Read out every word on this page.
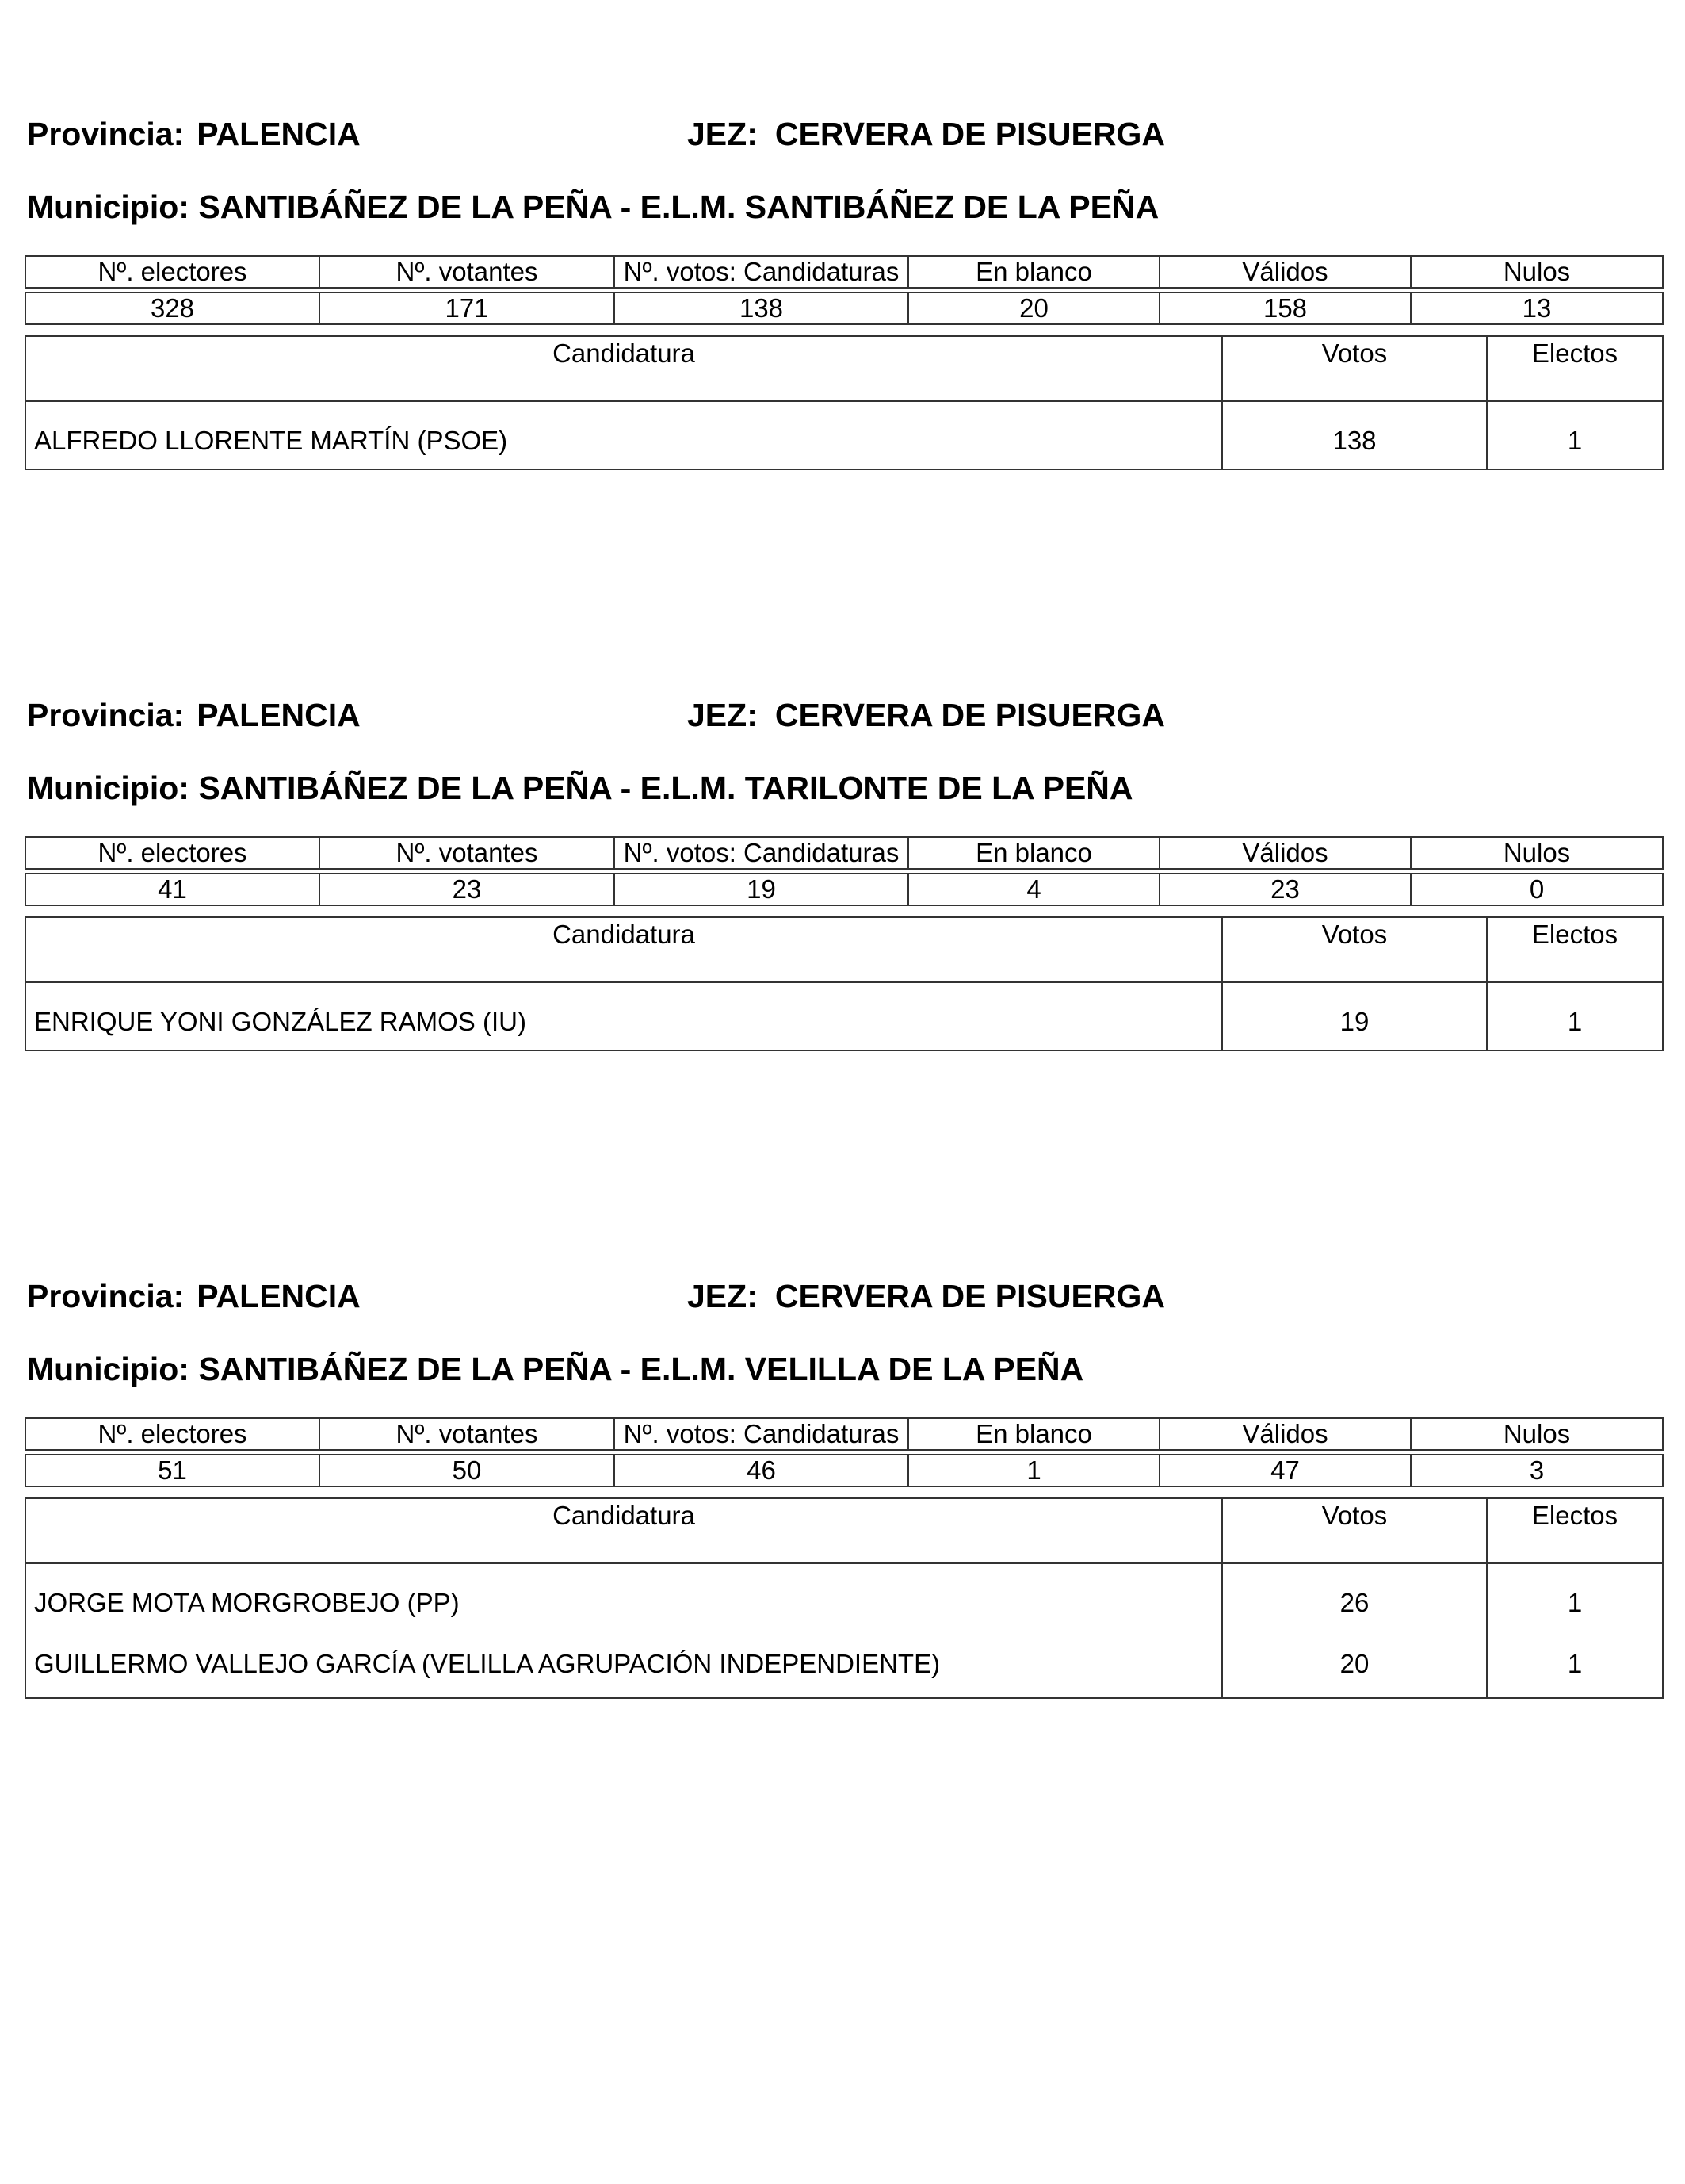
Provincia: PALENCIA	JEZ: CERVERA DE PISUERGA
Municipio: SANTIBÁÑEZ DE LA PEÑA - E.L.M. SANTIBÁÑEZ DE LA PEÑA
Nº. electores	Nº. votantes	Nº. votos: Candidaturas	En blanco	Válidos	Nulos

328	171	138	20	158	13
Candidatura	Votos	Electos
ALFREDO LLORENTE MARTÍN (PSOE)	138	1
Provincia: PALENCIA	JEZ: CERVERA DE PISUERGA
Municipio: SANTIBÁÑEZ DE LA PEÑA - E.L.M. TARILONTE DE LA PEÑA
Nº. electores	Nº. votantes	Nº. votos: Candidaturas	En blanco	Válidos	Nulos

41	23	19	4	23	0
Candidatura	Votos	Electos
ENRIQUE YONI GONZÁLEZ RAMOS (IU)	19	1
Provincia: PALENCIA	JEZ: CERVERA DE PISUERGA
Municipio: SANTIBÁÑEZ DE LA PEÑA - E.L.M. VELILLA DE LA PEÑA
Nº. electores	Nº. votantes	Nº. votos: Candidaturas	En blanco	Válidos	Nulos

51	50	46	1	47	3
Candidatura	Votos	Electos
JORGE MOTA MORGROBEJO (PP)	26	1
GUILLERMO VALLEJO GARCÍA (VELILLA AGRUPACIÓN INDEPENDIENTE)	20	1
